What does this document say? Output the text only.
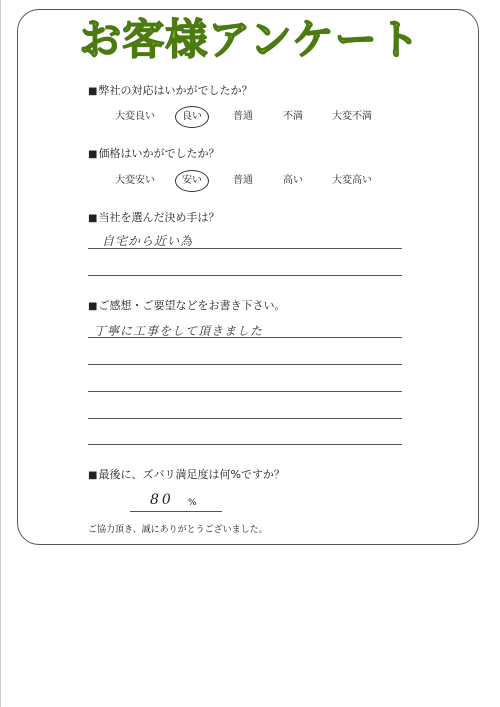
お客様アンケート
■弊社の対応はいかがでしたか？
大変良い	良い	普通	不満	大変不満
■価格はいかがでしたか？
大変安い	安い	普通	高い	大変高い
■当社を選んだ決め手は？
自宅から近い為
■ご感想・ご要望などをお書き下さい。
丁寧に工事をして頂きました
■最後に、ズバリ満足度は何%ですか？
80 %
ご協力頂き、誠にありがとうございました。
